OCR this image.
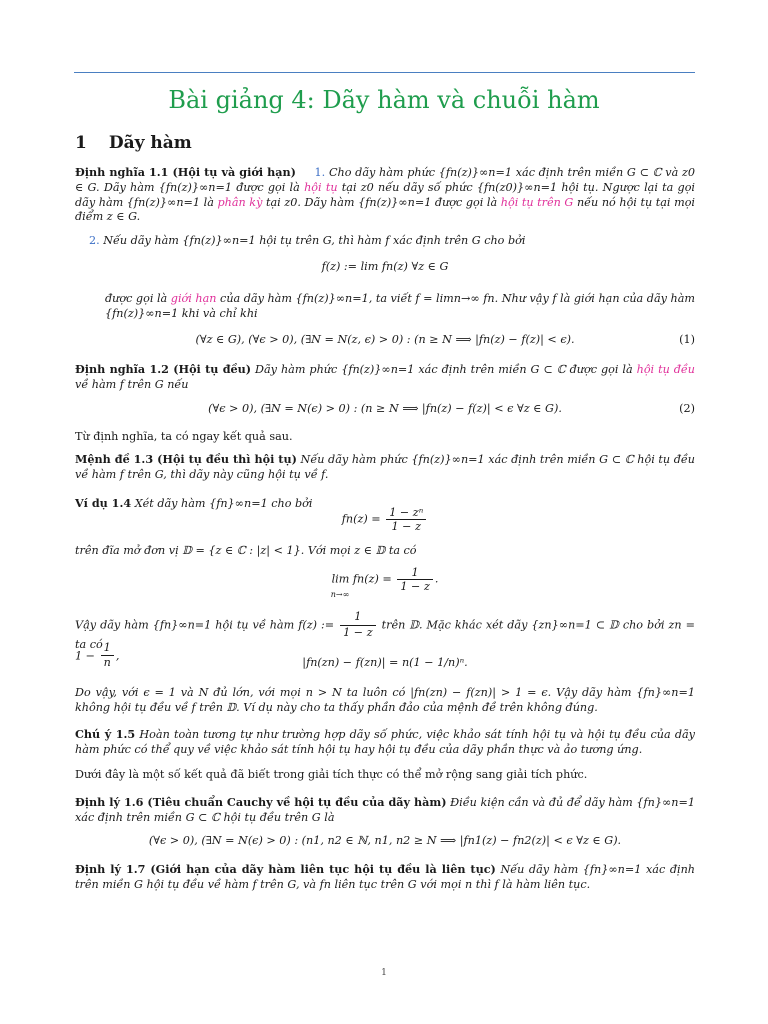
Bài giảng 4: Dãy hàm và chuỗi hàm
1 Dãy hàm
Định nghĩa 1.1 (Hội tụ và giới hạn) 1. Cho dãy hàm phức {fn(z)}∞n=1 xác định trên miền G ⊂ ℂ và z0 ∈ G. Dãy hàm {fn(z)}∞n=1 được gọi là hội tụ tại z0 nếu dãy số phức {fn(z0)}∞n=1 hội tụ. Ngược lại ta gọi dãy hàm {fn(z)}∞n=1 là phân kỳ tại z0. Dãy hàm {fn(z)}∞n=1 được gọi là hội tụ trên G nếu nó hội tụ tại mọi điểm z ∈ G.
2. Nếu dãy hàm {fn(z)}∞n=1 hội tụ trên G, thì hàm f xác định trên G cho bởi
f(z) := lim fn(z) ∀z ∈ G
được gọi là giới hạn của dãy hàm {fn(z)}∞n=1, ta viết f = limn→∞ fn. Như vậy f là giới hạn của dãy hàm {fn(z)}∞n=1 khi và chỉ khi
(∀z ∈ G), (∀ϵ > 0), (∃N = N(z, ϵ) > 0) : (n ≥ N ⟹ |fn(z) − f(z)| < ϵ).	(1)
Định nghĩa 1.2 (Hội tụ đều) Dãy hàm phức {fn(z)}∞n=1 xác định trên miền G ⊂ ℂ được gọi là hội tụ đều về hàm f trên G nếu
(∀ϵ > 0), (∃N = N(ϵ) > 0) : (n ≥ N ⟹ |fn(z) − f(z)| < ϵ ∀z ∈ G).	(2)
Từ định nghĩa, ta có ngay kết quả sau.
Mệnh đề 1.3 (Hội tụ đều thì hội tụ) Nếu dãy hàm phức {fn(z)}∞n=1 xác định trên miền G ⊂ ℂ hội tụ đều về hàm f trên G, thì dãy này cũng hội tụ về f.
Ví dụ 1.4 Xét dãy hàm {fn}∞n=1 cho bởi
$fn(z) = \frac{\text{1 − zⁿ}}{1 - z}$
trên đĩa mở đơn vị 𝔻 = {z ∈ ℂ : |z| < 1}. Với mọi z ∈ 𝔻 ta có
$\lim fn(z) = \frac{1}{1 - z}$ .
n→∞
Vậy dãy hàm {fn}∞n=1 hội tụ về hàm f(z) := $\frac{1}{1 - z}$ trên 𝔻. Mặc khác xét dãy {zn}∞n=1 ⊂ 𝔻 cho bởi zn = $1 - \frac{1}{n}$ ,
ta có
|fn(zn) − f(zn)| = n(1 − 1/n)ⁿ.
Do vậy, với ϵ = 1 và N đủ lớn, với mọi n > N ta luôn có |fn(zn) − f(zn)| > 1 = ϵ. Vậy dãy hàm {fn}∞n=1 không hội tụ đều về f trên 𝔻. Ví dụ này cho ta thấy phần đảo của mệnh đề trên không đúng.
Chú ý 1.5 Hoàn toàn tương tự như trường hợp dãy số phức, việc khảo sát tính hội tụ và hội tụ đều của dãy hàm phức có thể quy về việc khảo sát tính hội tụ hay hội tụ đều của dãy phần thực và ảo tương ứng.
Dưới đây là một số kết quả đã biết trong giải tích thực có thể mở rộng sang giải tích phức.
Định lý 1.6 (Tiêu chuẩn Cauchy về hội tụ đều của dãy hàm) Điều kiện cần và đủ để dãy hàm {fn}∞n=1 xác định trên miền G ⊂ ℂ hội tụ đều trên G là
(∀ϵ > 0), (∃N = N(ϵ) > 0) : (n1, n2 ∈ ℕ, n1, n2 ≥ N ⟹ |fn1(z) − fn2(z)| < ϵ ∀z ∈ G).
Định lý 1.7 (Giới hạn của dãy hàm liên tục hội tụ đều là liên tục) Nếu dãy hàm {fn}∞n=1 xác định trên miền G hội tụ đều về hàm f trên G, và fn liên tục trên G với mọi n thì f là hàm liên tục.
1
